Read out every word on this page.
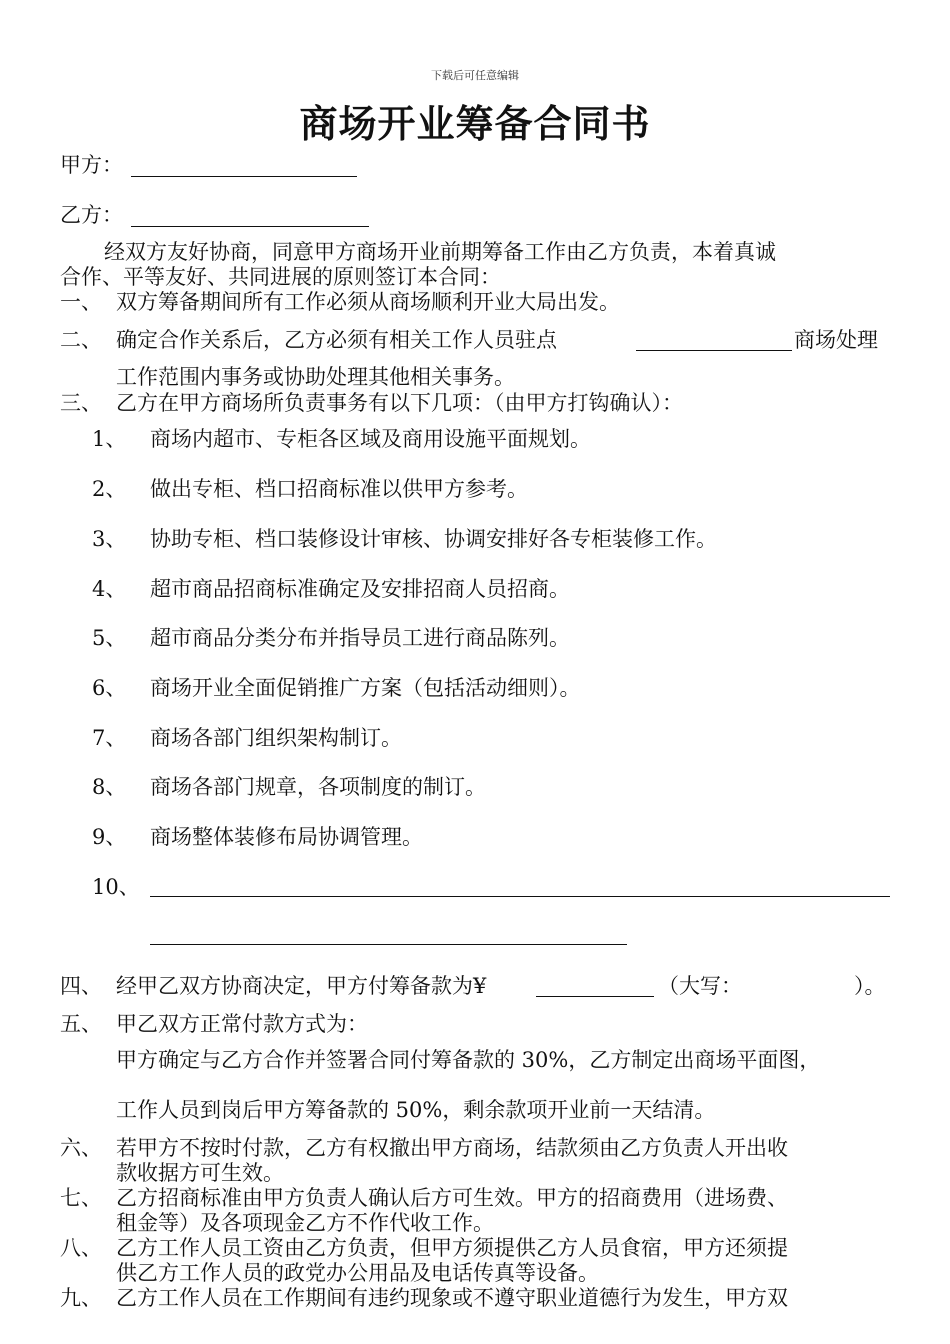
下载后可任意编辑
商场开业筹备合同书
甲方：
乙方：
经双方友好协商，同意甲方商场开业前期筹备工作由乙方负责，本着真诚
合作、平等友好、共同进展的原则签订本合同：
一、 双方筹备期间所有工作必须从商场顺利开业大局出发。
二、 确定合作关系后，乙方必须有相关工作人员驻点	商场处理
工作范围内事务或协助处理其他相关事务。
三、 乙方在甲方商场所负责事务有以下几项：（由甲方打钩确认）：
1、 商场内超市、专柜各区域及商用设施平面规划。
2、 做出专柜、档口招商标准以供甲方参考。
3、 协助专柜、档口装修设计审核、协调安排好各专柜装修工作。
4、 超市商品招商标准确定及安排招商人员招商。
5、 超市商品分类分布并指导员工进行商品陈列。
6、 商场开业全面促销推广方案（包括活动细则）。
7、 商场各部门组织架构制订。
8、 商场各部门规章，各项制度的制订。
9、 商场整体装修布局协调管理。
10、
四、 经甲乙双方协商决定，甲方付筹备款为¥	（大写：	）。
五、 甲乙双方正常付款方式为：
甲方确定与乙方合作并签署合同付筹备款的 30%，乙方制定出商场平面图，
工作人员到岗后甲方筹备款的 50%，剩余款项开业前一天结清。
六、 若甲方不按时付款，乙方有权撤出甲方商场，结款须由乙方负责人开出收
款收据方可生效。
七、 乙方招商标准由甲方负责人确认后方可生效。甲方的招商费用（进场费、
租金等）及各项现金乙方不作代收工作。
八、 乙方工作人员工资由乙方负责，但甲方须提供乙方人员食宿，甲方还须提
供乙方工作人员的政党办公用品及电话传真等设备。
九、 乙方工作人员在工作期间有违约现象或不遵守职业道德行为发生，甲方双
